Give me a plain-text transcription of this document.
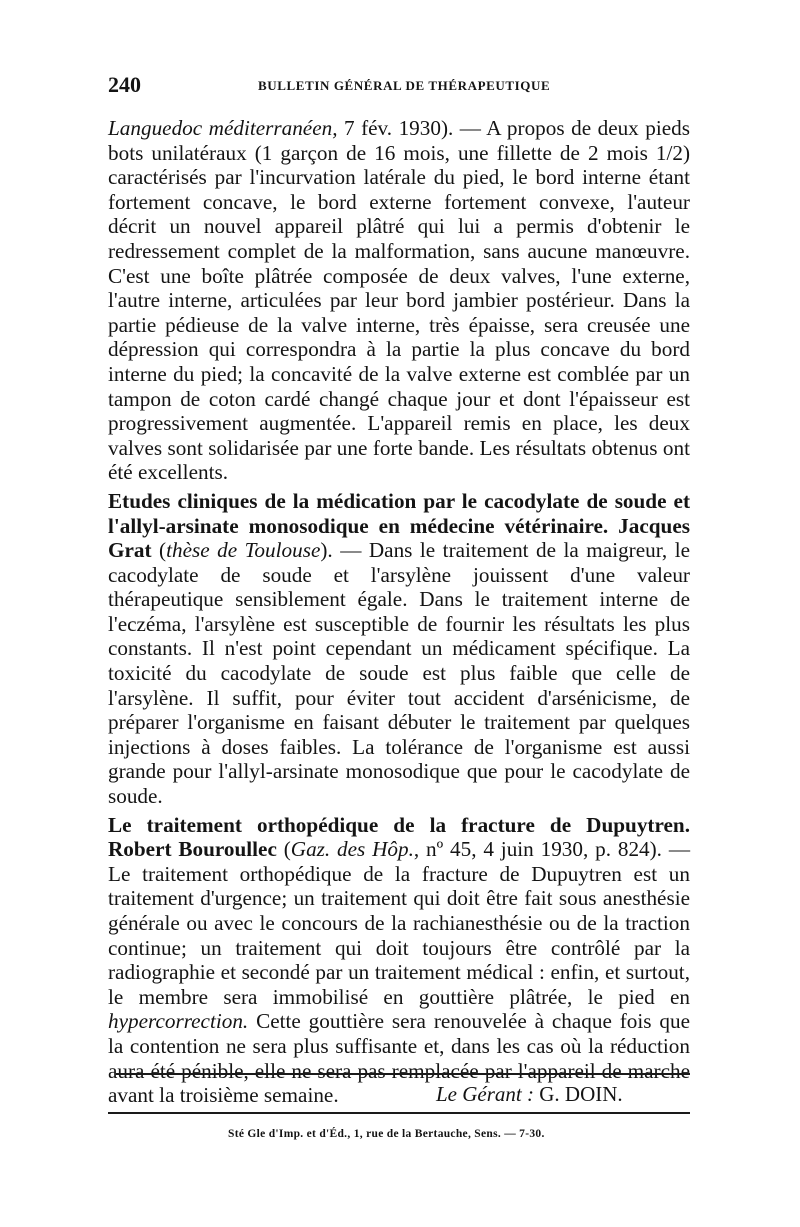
240	BULLETIN GÉNÉRAL DE THÉRAPEUTIQUE

Languedoc méditerranéen, 7 fév. 1930). — A propos de deux pieds bots unilatéraux (1 garçon de 16 mois, une fillette de 2 mois 1/2) caractérisés par l'incurvation latérale du pied, le bord interne étant fortement concave, le bord externe fortement convexe, l'auteur décrit un nouvel appareil plâtré qui lui a permis d'obtenir le redressement complet de la malformation, sans aucune manœuvre. C'est une boîte plâtrée composée de deux valves, l'une externe, l'autre interne, articulées par leur bord jambier postérieur. Dans la partie pédieuse de la valve interne, très épaisse, sera creusée une dépression qui correspondra à la partie la plus concave du bord interne du pied; la concavité de la valve externe est comblée par un tampon de coton cardé changé chaque jour et dont l'épaisseur est progressivement augmentée. L'appareil remis en place, les deux valves sont solidarisée par une forte bande. Les résultats obtenus ont été excellents.

Etudes cliniques de la médication par le cacodylate de soude et l'allyl-arsinate monosodique en médecine vétérinaire. Jacques Grat (thèse de Toulouse). — Dans le traitement de la maigreur, le cacodylate de soude et l'arsylène jouissent d'une valeur thérapeutique sensiblement égale. Dans le traitement interne de l'eczéma, l'arsylène est susceptible de fournir les résultats les plus constants. Il n'est point cependant un médicament spécifique. La toxicité du cacodylate de soude est plus faible que celle de l'arsylène. Il suffit, pour éviter tout accident d'arsénicisme, de préparer l'organisme en faisant débuter le traitement par quelques injections à doses faibles. La tolérance de l'organisme est aussi grande pour l'allyl-arsinate monosodique que pour le cacodylate de soude.

Le traitement orthopédique de la fracture de Dupuytren. Robert Bouroullec (Gaz. des Hôp., nº 45, 4 juin 1930, p. 824). — Le traitement orthopédique de la fracture de Dupuytren est un traitement d'urgence; un traitement qui doit être fait sous anesthésie générale ou avec le concours de la rachianesthésie ou de la traction continue; un traitement qui doit toujours être contrôlé par la radiographie et secondé par un traitement médical : enfin, et surtout, le membre sera immobilisé en gouttière plâtrée, le pied en hypercorrection. Cette gouttière sera renouvelée à chaque fois que la contention ne sera plus suffisante et, dans les cas où la réduction aura été pénible, elle ne sera pas remplacée par l'appareil de marche avant la troisième semaine.	Le Gérant : G. DOIN.
Sté Gle d'Imp. et d'Éd., 1, rue de la Bertauche, Sens. — 7-30.
